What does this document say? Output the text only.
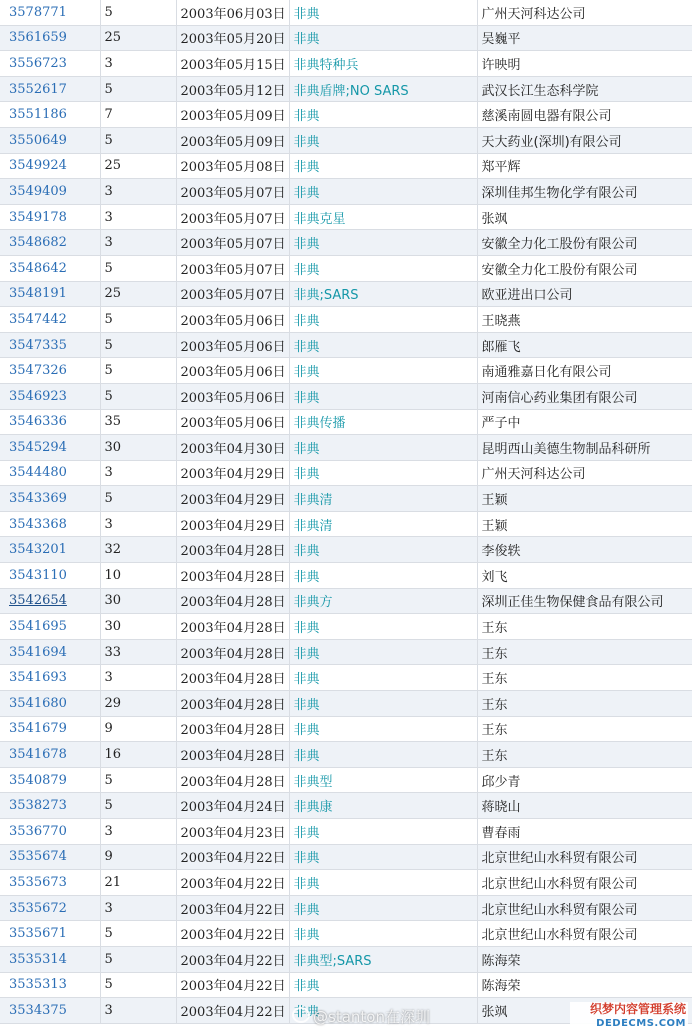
3578771	5	2003年06月03日	非典	广州天河科达公司
3561659	25	2003年05月20日	非典	吴巍平
3556723	3	2003年05月15日	非典特种兵	许映明
3552617	5	2003年05月12日	非典盾牌;NO SARS	武汉长江生态科学院
3551186	7	2003年05月09日	非典	慈溪南圆电器有限公司
3550649	5	2003年05月09日	非典	天大药业(深圳)有限公司
3549924	25	2003年05月08日	非典	郑平辉
3549409	3	2003年05月07日	非典	深圳佳邦生物化学有限公司
3549178	3	2003年05月07日	非典克星	张飒
3548682	3	2003年05月07日	非典	安徽全力化工股份有限公司
3548642	5	2003年05月07日	非典	安徽全力化工股份有限公司
3548191	25	2003年05月07日	非典;SARS	欧亚进出口公司
3547442	5	2003年05月06日	非典	王晓燕
3547335	5	2003年05月06日	非典	郎雁飞
3547326	5	2003年05月06日	非典	南通雅嘉日化有限公司
3546923	5	2003年05月06日	非典	河南信心药业集团有限公司
3546336	35	2003年05月06日	非典传播	严子中
3545294	30	2003年04月30日	非典	昆明西山美德生物制品科研所
3544480	3	2003年04月29日	非典	广州天河科达公司
3543369	5	2003年04月29日	非典清	王颖
3543368	3	2003年04月29日	非典清	王颖
3543201	32	2003年04月28日	非典	李俊轶
3543110	10	2003年04月28日	非典	刘飞
3542654	30	2003年04月28日	非典方	深圳正佳生物保健食品有限公司
3541695	30	2003年04月28日	非典	王东
3541694	33	2003年04月28日	非典	王东
3541693	3	2003年04月28日	非典	王东
3541680	29	2003年04月28日	非典	王东
3541679	9	2003年04月28日	非典	王东
3541678	16	2003年04月28日	非典	王东
3540879	5	2003年04月28日	非典型	邱少青
3538273	5	2003年04月24日	非典康	蒋晓山
3536770	3	2003年04月23日	非典	曹春雨
3535674	9	2003年04月22日	非典	北京世纪山水科贸有限公司
3535673	21	2003年04月22日	非典	北京世纪山水科贸有限公司
3535672	3	2003年04月22日	非典	北京世纪山水科贸有限公司
3535671	5	2003年04月22日	非典	北京世纪山水科贸有限公司
3535314	5	2003年04月22日	非典型;SARS	陈海荣
3535313	5	2003年04月22日	非典	陈海荣
3534375	3	2003年04月22日	非典	张飒
@stanton在深圳	织梦内容管理系统
DEDECMS.COM
